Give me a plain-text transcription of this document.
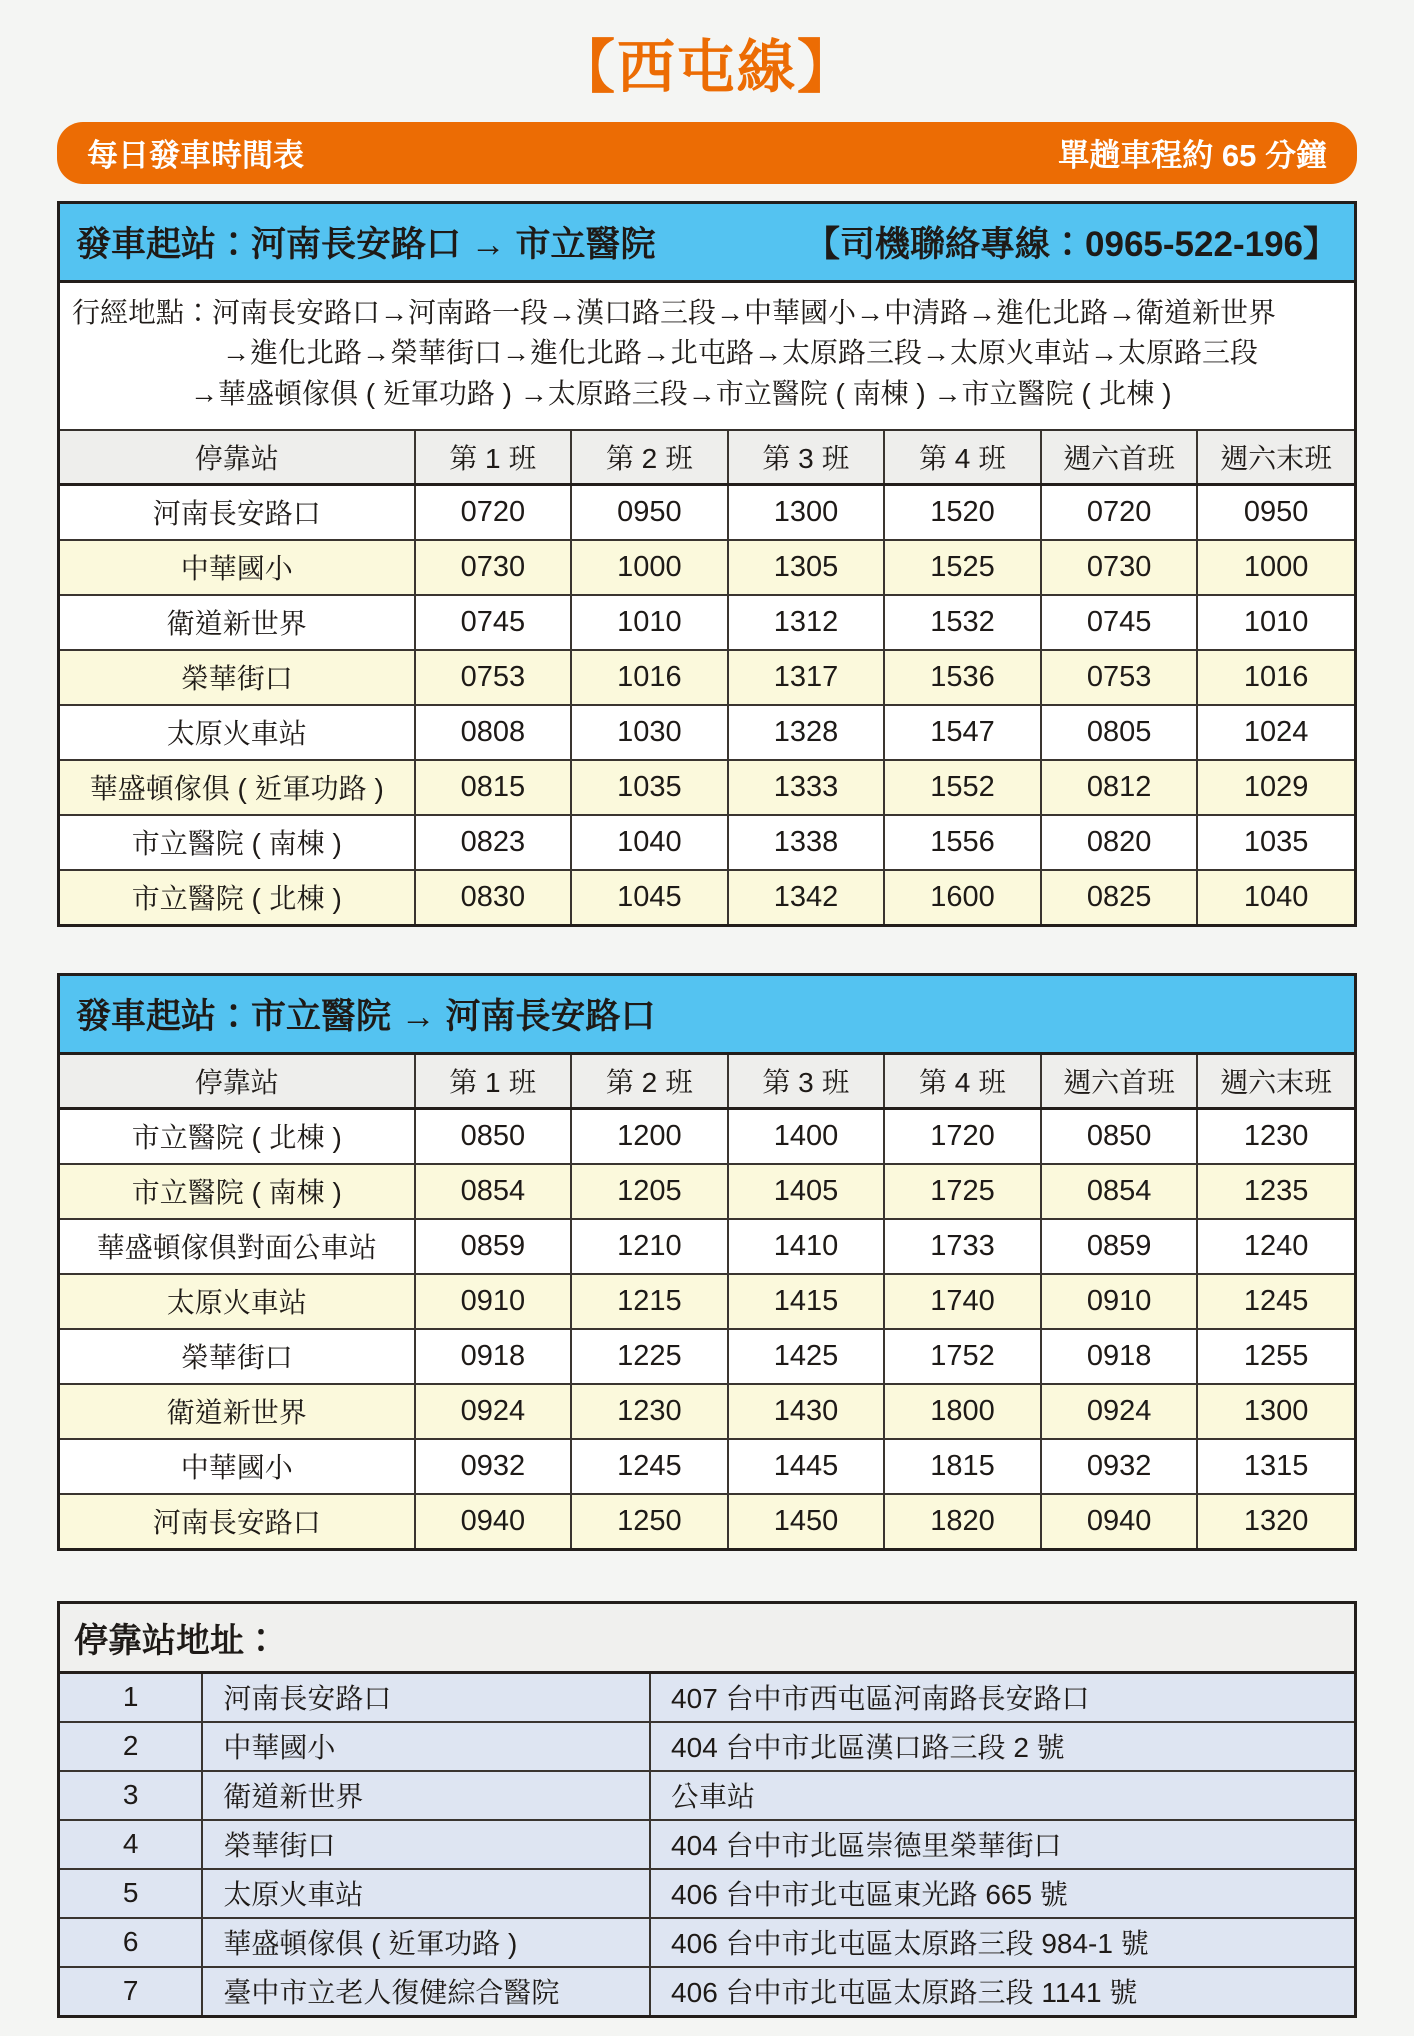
【西屯線】
每日發車時間表	單趟車程約 65 分鐘
發車起站：河南長安路口 → 市立醫院	【司機聯絡專線：0965-522-196】
行經地點：河南長安路口→河南路一段→漢口路三段→中華國小→中清路→進化北路→衛道新世界
→進化北路→榮華街口→進化北路→北屯路→太原路三段→太原火車站→太原路三段
→華盛頓傢俱 ( 近軍功路 ) →太原路三段→市立醫院 ( 南棟 ) →市立醫院 ( 北棟 )
停靠站	第 1 班	第 2 班	第 3 班	第 4 班	週六首班	週六末班
河南長安路口	0720	0950	1300	1520	0720	0950
中華國小	0730	1000	1305	1525	0730	1000
衛道新世界	0745	1010	1312	1532	0745	1010
榮華街口	0753	1016	1317	1536	0753	1016
太原火車站	0808	1030	1328	1547	0805	1024
華盛頓傢俱 ( 近軍功路 )	0815	1035	1333	1552	0812	1029
市立醫院 ( 南棟 )	0823	1040	1338	1556	0820	1035
市立醫院 ( 北棟 )	0830	1045	1342	1600	0825	1040
發車起站：市立醫院 → 河南長安路口
停靠站	第 1 班	第 2 班	第 3 班	第 4 班	週六首班	週六末班
市立醫院 ( 北棟 )	0850	1200	1400	1720	0850	1230
市立醫院 ( 南棟 )	0854	1205	1405	1725	0854	1235
華盛頓傢俱對面公車站	0859	1210	1410	1733	0859	1240
太原火車站	0910	1215	1415	1740	0910	1245
榮華街口	0918	1225	1425	1752	0918	1255
衛道新世界	0924	1230	1430	1800	0924	1300
中華國小	0932	1245	1445	1815	0932	1315
河南長安路口	0940	1250	1450	1820	0940	1320
停靠站地址：
1	河南長安路口	407 台中市西屯區河南路長安路口
2	中華國小	404 台中市北區漢口路三段 2 號
3	衛道新世界	公車站
4	榮華街口	404 台中市北區崇德里榮華街口
5	太原火車站	406 台中市北屯區東光路 665 號
6	華盛頓傢俱 ( 近軍功路 )	406 台中市北屯區太原路三段 984-1 號
7	臺中市立老人復健綜合醫院	406 台中市北屯區太原路三段 1141 號
